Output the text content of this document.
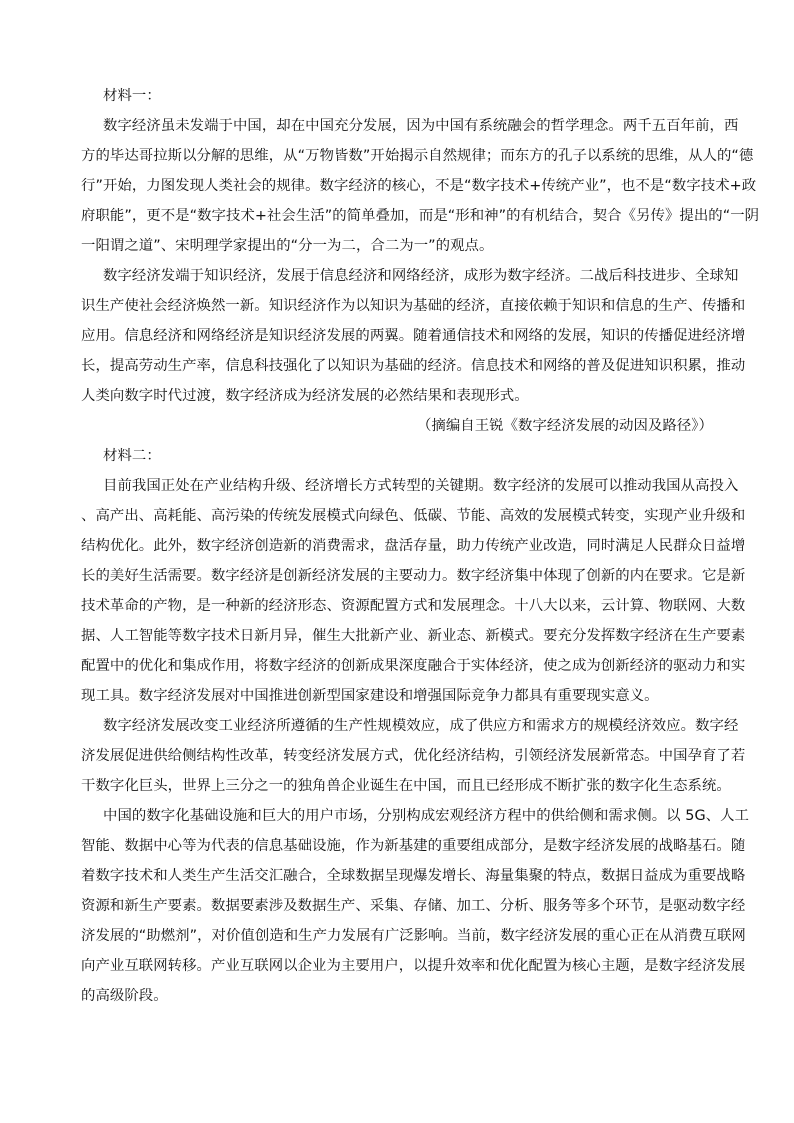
材料一：
数字经济虽未发端于中国，却在中国充分发展，因为中国有系统融会的哲学理念。两千五百年前，西
方的毕达哥拉斯以分解的思维，从“万物皆数”开始揭示自然规律；而东方的孔子以系统的思维，从人的“德
行”开始，力图发现人类社会的规律。数字经济的核心，不是“数字技术+传统产业”，也不是“数字技术+政
府职能”，更不是“数字技术+社会生活”的简单叠加，而是“形和神”的有机结合，契合《另传》提出的“一阴
一阳谓之道”、宋明理学家提出的“分一为二，合二为一”的观点。
数字经济发端于知识经济，发展于信息经济和网络经济，成形为数字经济。二战后科技进步、全球知
识生产使社会经济焕然一新。知识经济作为以知识为基础的经济，直接依赖于知识和信息的生产、传播和
应用。信息经济和网络经济是知识经济发展的两翼。随着通信技术和网络的发展，知识的传播促进经济增
长，提高劳动生产率，信息科技强化了以知识为基础的经济。信息技术和网络的普及促进知识积累，推动
人类向数字时代过渡，数字经济成为经济发展的必然结果和表现形式。
（摘编自王锐《数字经济发展的动因及路径》）
材料二：
目前我国正处在产业结构升级、经济增长方式转型的关键期。数字经济的发展可以推动我国从高投入
、高产出、高耗能、高污染的传统发展模式向绿色、低碳、节能、高效的发展模式转变，实现产业升级和
结构优化。此外，数字经济创造新的消费需求，盘活存量，助力传统产业改造，同时满足人民群众日益增
长的美好生活需要。数字经济是创新经济发展的主要动力。数字经济集中体现了创新的内在要求。它是新
技术革命的产物，是一种新的经济形态、资源配置方式和发展理念。十八大以来，云计算、物联网、大数
据、人工智能等数字技术日新月异，催生大批新产业、新业态、新模式。要充分发挥数字经济在生产要素
配置中的优化和集成作用，将数字经济的创新成果深度融合于实体经济，使之成为创新经济的驱动力和实
现工具。数字经济发展对中国推进创新型国家建设和增强国际竞争力都具有重要现实意义。
数字经济发展改变工业经济所遵循的生产性规模效应，成了供应方和需求方的规模经济效应。数字经
济发展促进供给侧结构性改革，转变经济发展方式，优化经济结构，引领经济发展新常态。中国孕育了若
干数字化巨头，世界上三分之一的独角兽企业诞生在中国，而且已经形成不断扩张的数字化生态系统。
中国的数字化基础设施和巨大的用户市场，分别构成宏观经济方程中的供给侧和需求侧。以 5G、人工
智能、数据中心等为代表的信息基础设施，作为新基建的重要组成部分，是数字经济发展的战略基石。随
着数字技术和人类生产生活交汇融合，全球数据呈现爆发增长、海量集聚的特点，数据日益成为重要战略
资源和新生产要素。数据要素涉及数据生产、采集、存储、加工、分析、服务等多个环节，是驱动数字经
济发展的“助燃剂”，对价值创造和生产力发展有广泛影响。当前，数字经济发展的重心正在从消费互联网
向产业互联网转移。产业互联网以企业为主要用户，以提升效率和优化配置为核心主题，是数字经济发展
的高级阶段。
